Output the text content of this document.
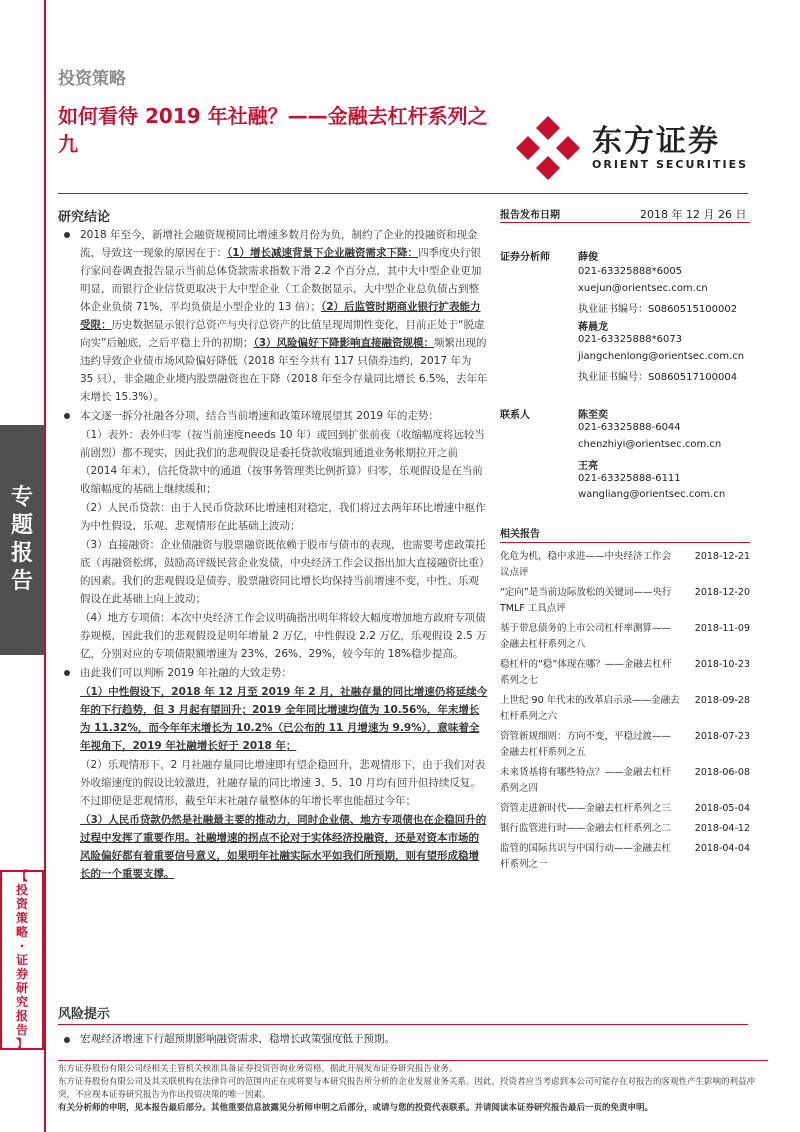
专
题
报
告
【
投
资
策
略
·
证
券
研
究
报
告
】
投资策略
如何看待 2019 年社融？——金融去杠杆系列之九	东方证券
ORIENT SECURITIES
研究结论

2018 年至今，新增社会融资规模同比增速多数月份为负，制约了企业的投融资和现金流，导致这一现象的原因在于：（1）增长减速背景下企业融资需求下降：四季度央行银行家问卷调查报告显示当前总体贷款需求指数下滑 2.2 个百分点，其中大中型企业更加明显，而银行企业信贷更取决于大中型企业（工企数据显示，大中型企业总负债占到整体企业负债 71%，平均负债是小型企业的 13 倍）；（2）后监管时期商业银行扩表能力受限：历史数据显示银行总资产与央行总资产的比值呈现周期性变化，目前正处于“脱虚向实”后触底，之后平稳上升的初期；（3）风险偏好下降影响直接融资规模：频繁出现的违约导致企业债市场风险偏好降低（2018 年至今共有 117 只债券违约，2017 年为 35 只），非金融企业境内股票融资也在下降（2018 年至今存量同比增长 6.5%，去年年末增长 15.3%）。

本文逐一拆分社融各分项，结合当前增速和政策环境展望其 2019 年的走势：

（1）表外：表外归零（按当前速度needs 10 年）或回到扩张前夜（收缩幅度将远较当前剧烈）都不现实，因此我们的悲观假设是委托贷款收缩到通道业务帐期拉开之前（2014 年末），信托贷款中的通道（按事务管理类比例折算）归零，乐观假设是在当前收缩幅度的基础上继续缓和；

（2）人民币贷款：由于人民币贷款环比增速相对稳定，我们将过去两年环比增速中枢作为中性假设，乐观、悲观情形在此基础上波动；

（3）直接融资：企业债融资与股票融资既依赖于股市与债市的表现，也需要考虑政策托底（再融资松绑，鼓励高评级民营企业发债，中央经济工作会议指出加大直接融资比重）的因素。我们的悲观假设是债券、股票融资同比增长均保持当前增速不变，中性、乐观假设在此基础上向上波动；

（4）地方专项债：本次中央经济工作会议明确指出明年将较大幅度增加地方政府专项债券规模，因此我们的悲观假设是明年增量 2 万亿，中性假设 2.2 万亿，乐观假设 2.5 万亿，分别对应的专项债限额增速为 23%、26%、29%，较今年的 18%稳步提高。

由此我们可以判断 2019 年社融的大致走势：

（1）中性假设下，2018 年 12 月至 2019 年 2 月，社融存量的同比增速仍将延续今年的下行趋势，但 3 月起有望回升；2019 全年同比增速均值为 10.56%，年末增长为 11.32%，而今年年末增长为 10.2%（已公布的 11 月增速为 9.9%），意味着全年视角下，2019 年社融增长好于 2018 年；

（2）乐观情形下，2 月社融存量同比增速即有望企稳回升，悲观情形下，由于我们对表外收缩速度的假设比较激进，社融存量的同比增速 3、5、10 月均有回升但持续反复。不过即使是悲观情形，截至年末社融存量整体的年增长率也能超过今年；

（3）人民币贷款仍然是社融最主要的推动力，同时企业债、地方专项债也在企稳回升的过程中发挥了重要作用。社融增速的拐点不论对于实体经济投融资，还是对资本市场的风险偏好都有着重要信号意义，如果明年社融实际水平如我们所预期，则有望形成稳增长的一个重要支撑。

风险提示

宏观经济增速下行超预期影响融资需求，稳增长政策强度低于预期。

报告发布日期	2018 年 12 月 26 日
证券分析师	薛俊
021-63325888*6005
xuejun@orientsec.com.cn
执业证书编号：S0860515100002
蒋晨龙
021-63325888*6073
jiangchenlong@orientsec.com.cn
执业证书编号：S0860517100004
联系人	陈至奕
021-63325888-6044
chenzhiyi@orientsec.com.cn
王亮
021-63325888-6111
wangliang@orientsec.com.cn
相关报告
化危为机，稳中求进——中央经济工作会议点评
2018-12-21
“定向”是当前边际放松的关键词——央行 TMLF 工具点评
2018-12-20
基于带息债务的上市公司杠杆率测算——金融去杠杆系列之八
2018-11-09
稳杠杆的“稳”体现在哪？——金融去杠杆系列之七
2018-10-23
上世纪 90 年代末的改革启示录——金融去杠杆系列之六
2018-09-28
资管新规细则：方向不变，平稳过渡——金融去杠杆系列之五
2018-07-23
未来货基将有哪些特点？——金融去杠杆系列之四
2018-06-08
资管走进新时代——金融去杠杆系列之三	2018-05-04
银行监管进行时——金融去杠杆系列之二	2018-04-12
监管的国际共识与中国行动——金融去杠杆系列之一
2018-04-04
东方证券股份有限公司经相关主管机关核准具备证券投资咨询业务资格，据此开展发布证券研究报告业务。
东方证券股份有限公司及其关联机构在法律许可的范围内正在或将要与本研究报告所分析的企业发展业务关系。因此，投资者应当考虑到本公司可能存在对报告的客观性产生影响的利益冲突，不应视本证券研究报告为作出投资决策的唯一因素。
有关分析师的申明，见本报告最后部分。其他重要信息披露见分析师申明之后部分，或请与您的投资代表联系。并请阅读本证券研究报告最后一页的免责申明。
